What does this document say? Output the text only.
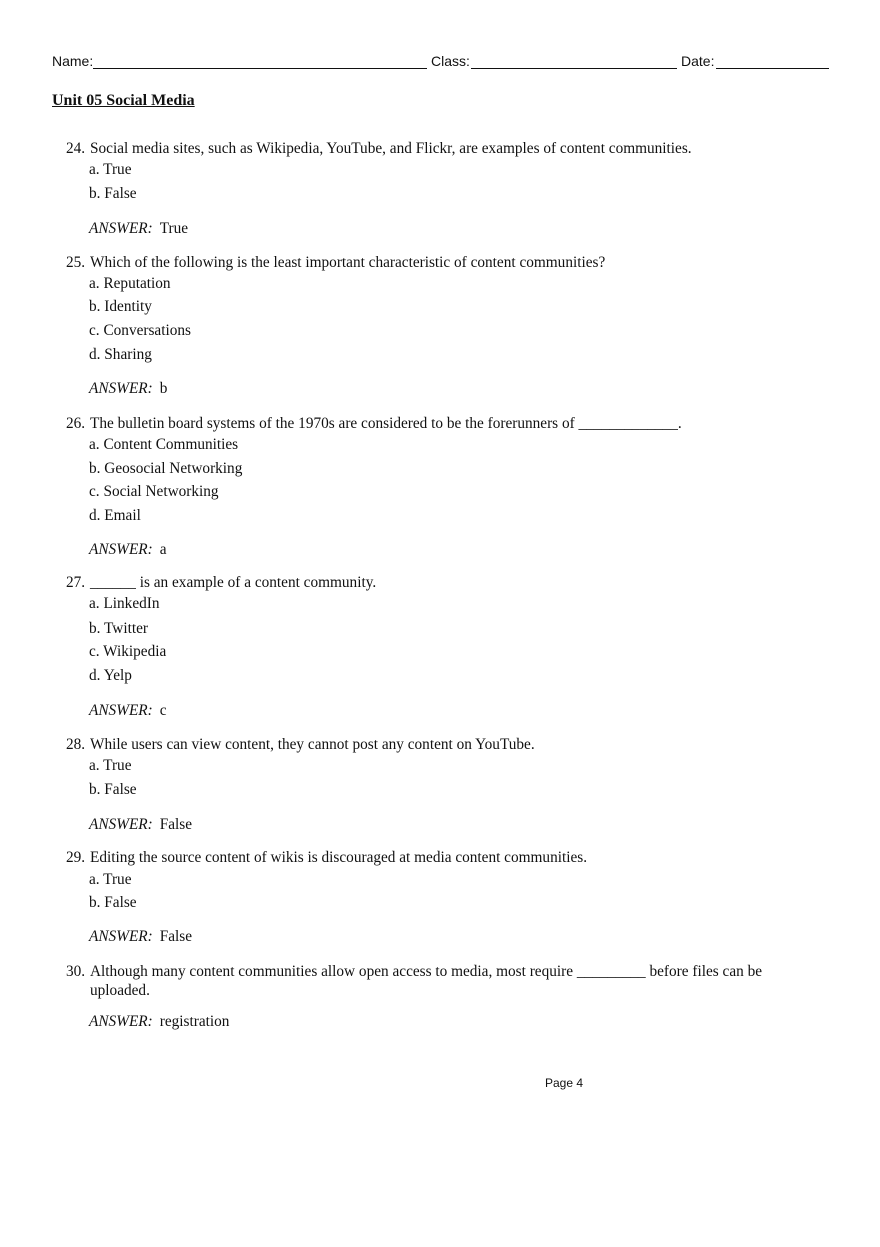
Name:	Class:	Date:
Unit 05 Social Media
24. Social media sites, such as Wikipedia, YouTube, and Flickr, are examples of content communities.
a. True
b. False
ANSWER: True
25. Which of the following is the least important characteristic of content communities?
a. Reputation
b. Identity
c. Conversations
d. Sharing
ANSWER: b
26. The bulletin board systems of the 1970s are considered to be the forerunners of _____________.
a. Content Communities
b. Geosocial Networking
c. Social Networking
d. Email
ANSWER: a
27. ______ is an example of a content community.
a. LinkedIn
b. Twitter
c. Wikipedia
d. Yelp
ANSWER: c
28. While users can view content, they cannot post any content on YouTube.
a. True
b. False
ANSWER: False
29. Editing the source content of wikis is discouraged at media content communities.
a. True
b. False
ANSWER: False
30. Although many content communities allow open access to media, most require _________ before files can be uploaded.
ANSWER: registration
Page 4
